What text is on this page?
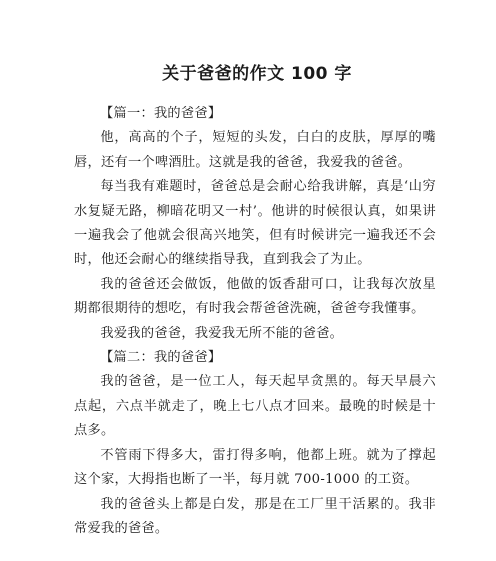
关于爸爸的作文 100 字

【篇一：我的爸爸】

他，高高的个子，短短的头发，白白的皮肤，厚厚的嘴唇，还有一个啤酒肚。这就是我的爸爸，我爱我的爸爸。

每当我有难题时，爸爸总是会耐心给我讲解，真是‘山穷水复疑无路，柳暗花明又一村’。他讲的时候很认真，如果讲一遍我会了他就会很高兴地笑，但有时候讲完一遍我还不会时，他还会耐心的继续指导我，直到我会了为止。

我的爸爸还会做饭，他做的饭香甜可口，让我每次放星期都很期待的想吃，有时我会帮爸爸洗碗，爸爸夸我懂事。

我爱我的爸爸，我爱我无所不能的爸爸。

【篇二：我的爸爸】

我的爸爸，是一位工人，每天起早贪黑的。每天早晨六点起，六点半就走了，晚上七八点才回来。最晚的时候是十点多。

不管雨下得多大，雷打得多响，他都上班。就为了撑起这个家，大拇指也断了一半，每月就 700-1000 的工资。

我的爸爸头上都是白发，那是在工厂里干活累的。我非常爱我的爸爸。
